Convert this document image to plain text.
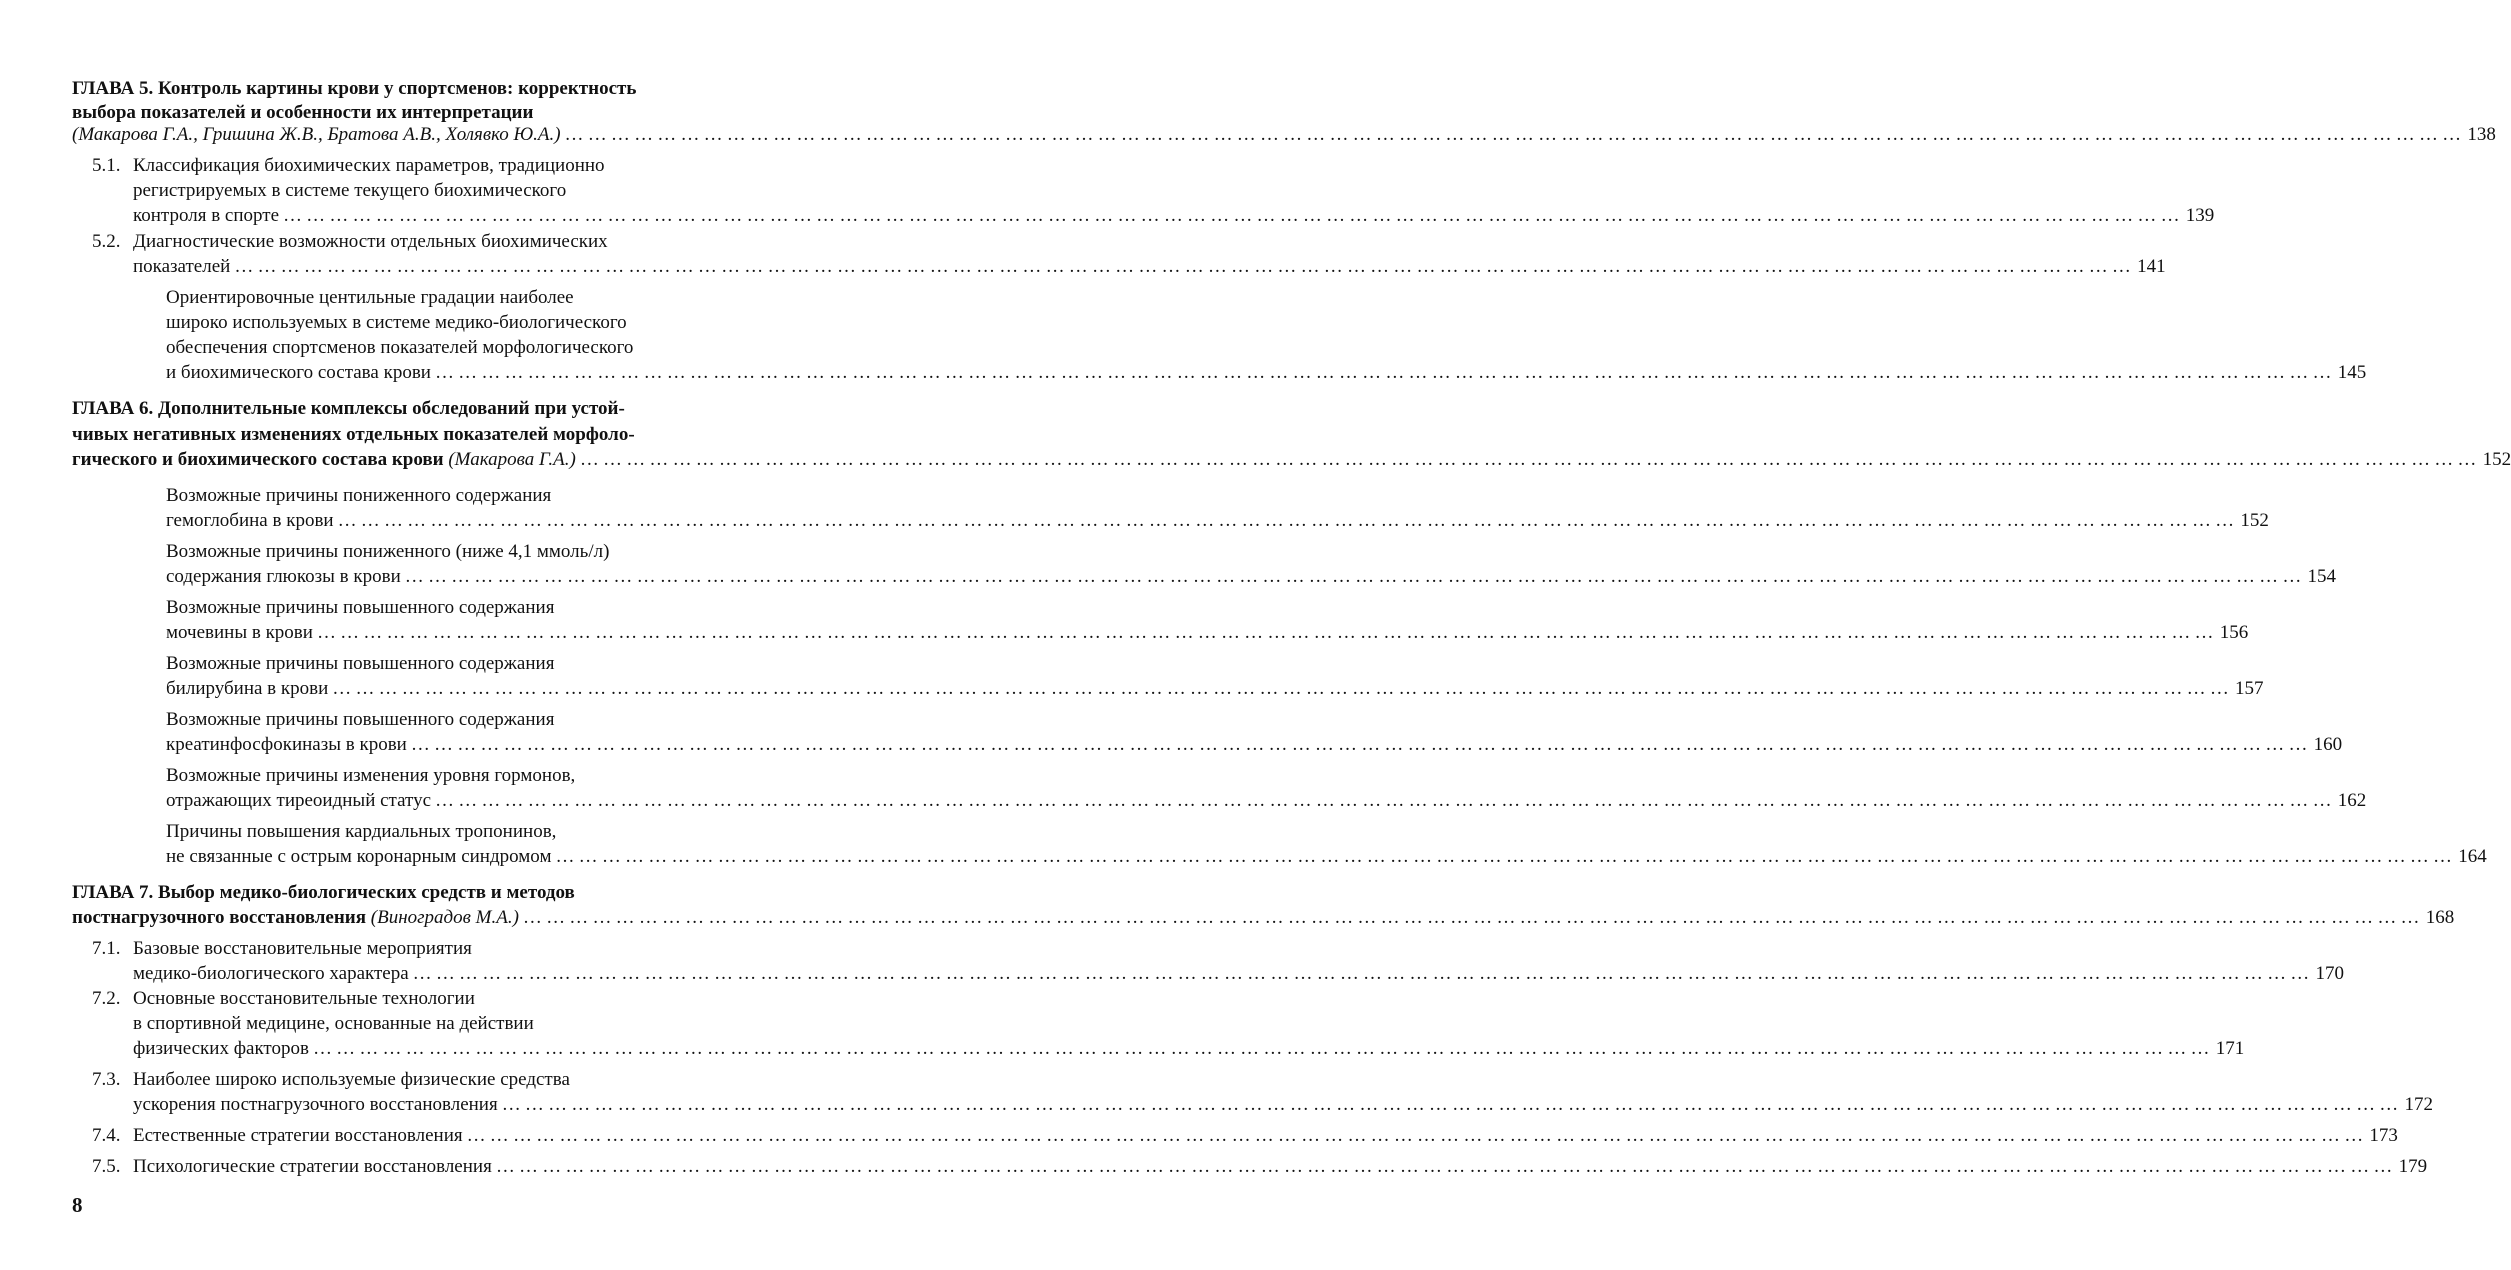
ГЛАВА 5. Контроль картины крови у спортсменов: корректность
выбора показателей и особенности их интерпретации
(Макарова Г.А., Гришина Ж.В., Братова А.В., Холявко Ю.А.) ………………………………………………………………………………………………………………………………………………………………………………………………………………………… 138
5.1. Классификация биохимических параметров, традиционно
регистрируемых в системе текущего биохимического
контроля в спорте ………………………………………………………………………………………………………………………………………………………………………………………………………………………… 139
5.2. Диагностические возможности отдельных биохимических
показателей ………………………………………………………………………………………………………………………………………………………………………………………………………………………… 141
Ориентировочные центильные градации наиболее
широко используемых в системе медико-биологического
обеспечения спортсменов показателей морфологического
и биохимического состава крови ………………………………………………………………………………………………………………………………………………………………………………………………………………………… 145
ГЛАВА 6. Дополнительные комплексы обследований при устой-
чивых негативных изменениях отдельных показателей морфоло-
гического и биохимического состава крови (Макарова Г.А.) ………………………………………………………………………………………………………………………………………………………………………………………………………………………… 152
Возможные причины пониженного содержания
гемоглобина в крови ………………………………………………………………………………………………………………………………………………………………………………………………………………………… 152
Возможные причины пониженного (ниже 4,1 ммоль/л)
содержания глюкозы в крови ………………………………………………………………………………………………………………………………………………………………………………………………………………………… 154
Возможные причины повышенного содержания
мочевины в крови ………………………………………………………………………………………………………………………………………………………………………………………………………………………… 156
Возможные причины повышенного содержания
билирубина в крови ………………………………………………………………………………………………………………………………………………………………………………………………………………………… 157
Возможные причины повышенного содержания
креатинфосфокиназы в крови ………………………………………………………………………………………………………………………………………………………………………………………………………………………… 160
Возможные причины изменения уровня гормонов,
отражающих тиреоидный статус ………………………………………………………………………………………………………………………………………………………………………………………………………………………… 162
Причины повышения кардиальных тропонинов,
не связанные с острым коронарным синдромом ………………………………………………………………………………………………………………………………………………………………………………………………………………………… 164
ГЛАВА 7. Выбор медико-биологических средств и методов
постнагрузочного восстановления (Виноградов М.А.) ………………………………………………………………………………………………………………………………………………………………………………………………………………………… 168
7.1. Базовые восстановительные мероприятия
медико-биологического характера ………………………………………………………………………………………………………………………………………………………………………………………………………………………… 170
7.2. Основные восстановительные технологии
в спортивной медицине, основанные на действии
физических факторов ………………………………………………………………………………………………………………………………………………………………………………………………………………………… 171
7.3. Наиболее широко используемые физические средства
ускорения постнагрузочного восстановления ………………………………………………………………………………………………………………………………………………………………………………………………………………………… 172
7.4. Естественные стратегии восстановления ………………………………………………………………………………………………………………………………………………………………………………………………………………………… 173
7.5. Психологические стратегии восстановления ………………………………………………………………………………………………………………………………………………………………………………………………………………………… 179
8
